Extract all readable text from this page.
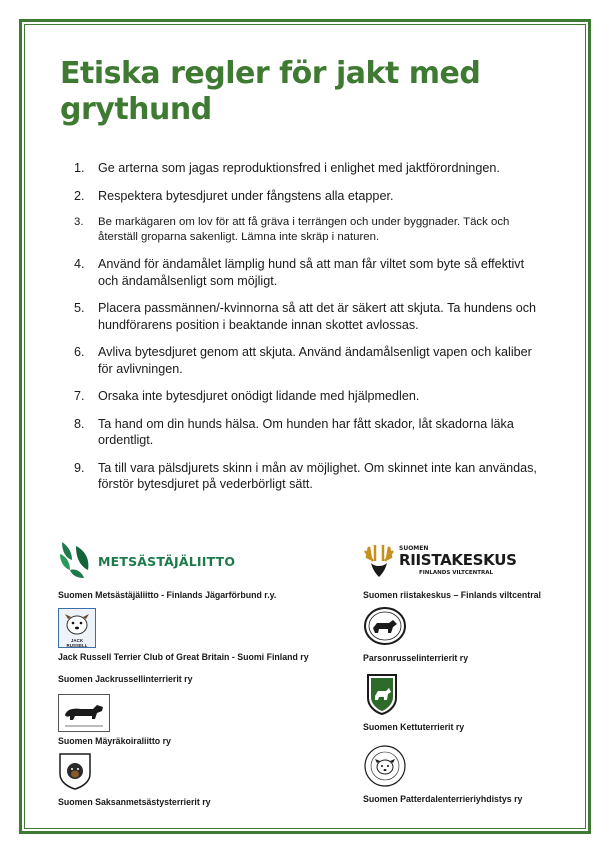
Etiska regler för jakt med grythund
1.	Ge arterna som jagas reproduktionsfred i enlighet med jaktförordningen.
2.	Respektera bytesdjuret under fångstens alla etapper.
3.	Be markägaren om lov för att få gräva i terrängen och under byggnader. Täck och återställ groparna sakenligt. Lämna inte skräp i naturen.
4.	Använd för ändamålet lämplig hund så att man får viltet som byte så effektivt och ändamålsenligt som möjligt.
5.	Placera passmännen/-kvinnorna så att det är säkert att skjuta. Ta hundens och hundförarens position i beaktande innan skottet avlossas.
6.	Avliva bytesdjuret genom att skjuta. Använd ändamålsenligt vapen och kaliber för avlivningen.
7.	Orsaka inte bytesdjuret onödigt lidande med hjälpmedlen.
8.	Ta hand om din hunds hälsa. Om hunden har fått skador, låt skadorna läka ordentligt.
9.	Ta till vara pälsdjurets skinn i mån av möjlighet. Om skinnet inte kan användas, förstör bytesdjuret på vederbörligt sätt.
METSÄSTÄJÄLIITTO
Suomen Metsästäjäliitto - Finlands Jägarförbund r.y.
SUOMEN
RIISTAKESKUS
FINLANDS VILTCENTRAL
Suomen riistakeskus – Finlands viltcentral
JACK RUSSELL
Jack Russell Terrier Club of Great Britain - Suomi Finland ry	Parsonrusselinterrierit ry
Suomen Jackrussellinterrierit ry
Suomen Kettuterrierit ry
Suomen Mäyräkoiraliitto ry
Suomen Patterdalenterrieriyhdistys ry
Suomen Saksanmetsästysterrierit ry
